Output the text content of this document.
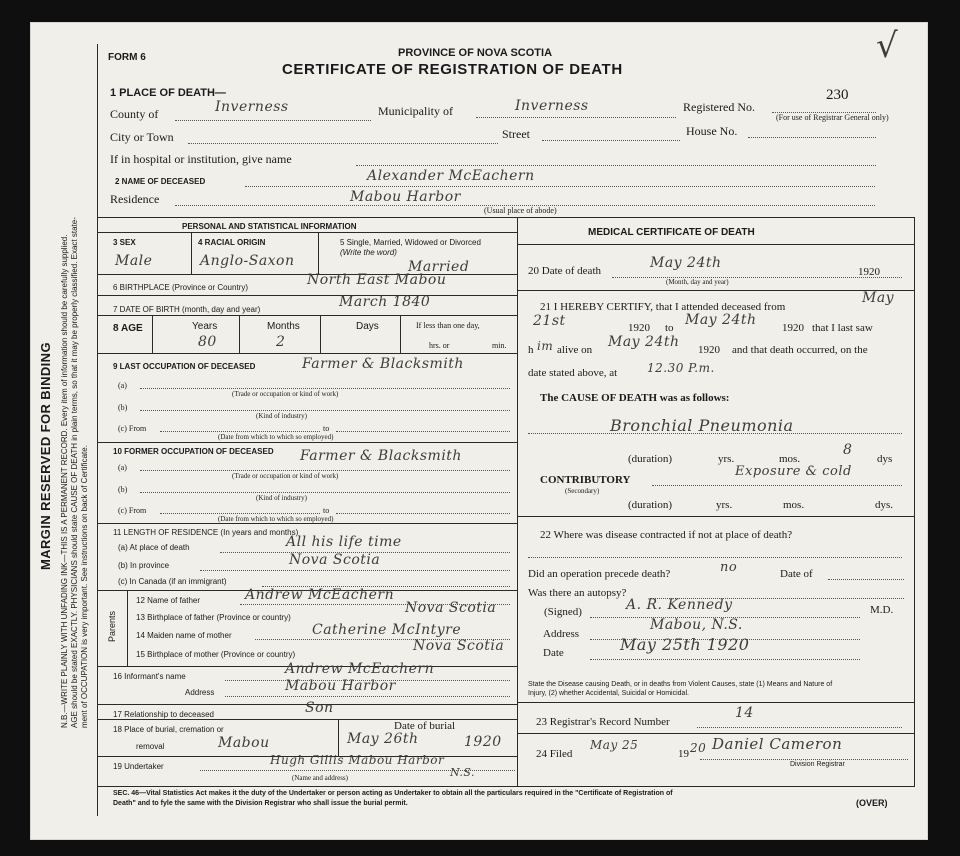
MARGIN RESERVED FOR BINDING N.B.—WRITE PLAINLY WITH UNFADING INK—THIS IS A PERMANENT RECORD. Every item of information should be carefully supplied. AGE should be stated EXACTLY. PHYSICIANS should state CAUSE OF DEATH in plain terms, so that it may be properly classified. Exact state- ment of OCCUPATION is very important. See instructions on back of Certificate.
FORM 6	PROVINCE OF NOVA SCOTIA
CERTIFICATE OF REGISTRATION OF DEATH
√
1 PLACE OF DEATH—
County of	Inverness	Municipality of	Inverness	Registered No.
230
(For use of Registrar General only)
City or Town	Street	House No.
If in hospital or institution, give name
2 NAME OF DECEASED	Alexander McEachern
Residence	Mabou Harbor
(Usual place of abode)
PERSONAL AND STATISTICAL INFORMATION
3 SEX
Male
4 RACIAL ORIGIN
Anglo-Saxon
5 Single, Married, Widowed or Divorced (Write the word)
Married
6 BIRTHPLACE (Province or Country)	North East Mabou
7 DATE OF BIRTH (month, day and year)	March 1840
8 AGE	Years	Months	Days
80	2
If less than one day,
hrs. or	min.
9 LAST OCCUPATION OF DECEASED	Farmer & Blacksmith
(a)
(Trade or occupation or kind of work)
(b)
(Kind of industry)
(c) From	to
(Date from which to which so employed)
10 FORMER OCCUPATION OF DECEASED Farmer & Blacksmith
(a)
(Trade or occupation or kind of work)
(b)
(Kind of industry)
(c) From	to
(Date from which to which so employed)
11 LENGTH OF RESIDENCE (In years and months)
(a) At place of death	All his life time
(b) In province	Nova Scotia
(c) In Canada (if an immigrant)
Parents
12 Name of father	Andrew McEachern
13 Birthplace of father (Province or country)
Nova Scotia
14 Maiden name of mother	Catherine McIntyre
15 Birthplace of mother (Province or country)
Nova Scotia
16 Informant's name	Andrew McEachern
Address	Mabou Harbor
17 Relationship to deceased	Son
18 Place of burial, cremation or
removal	Mabou
Date of burial
May 26th	1920
19 Undertaker	Hugh Gillis Mabou Harbor
N.S.
(Name and address)
MEDICAL CERTIFICATE OF DEATH
20 Date of death	May 24th
1920
(Month, day and year)
21 I HEREBY CERTIFY, that I attended deceased from
May
21st	1920 to May 24th 1920 that I last saw
h im alive on May 24th 1920 and that death occurred, on the
date stated above, at 12.30 P.m.
The CAUSE OF DEATH was as follows:
Bronchial Pneumonia
(duration)	yrs.	mos.
8
dys
CONTRIBUTORY
(Secondary)
Exposure & cold
(duration)	yrs.	mos.	dys.
22 Where was disease contracted if not at place of death?
Did an operation precede death?	no	Date of
Was there an autopsy?
(Signed)	A. R. Kennedy	M.D.
Address
Mabou, N.S.
Date	May 25th 1920
State the Disease causing Death, or in deaths from Violent Causes, state (1) Means and Nature of
Injury, (2) whether Accidental, Suicidal or Homicidal.
23 Registrar's Record Number
14
24 Filed
May 25
19 20 Daniel Cameron
Division Registrar
SEC. 46—Vital Statistics Act makes it the duty of the Undertaker or person acting as Undertaker to obtain all the particulars required in the "Certificate of Registration of
Death" and to fyle the same with the Division Registrar who shall issue the burial permit.	(OVER)
